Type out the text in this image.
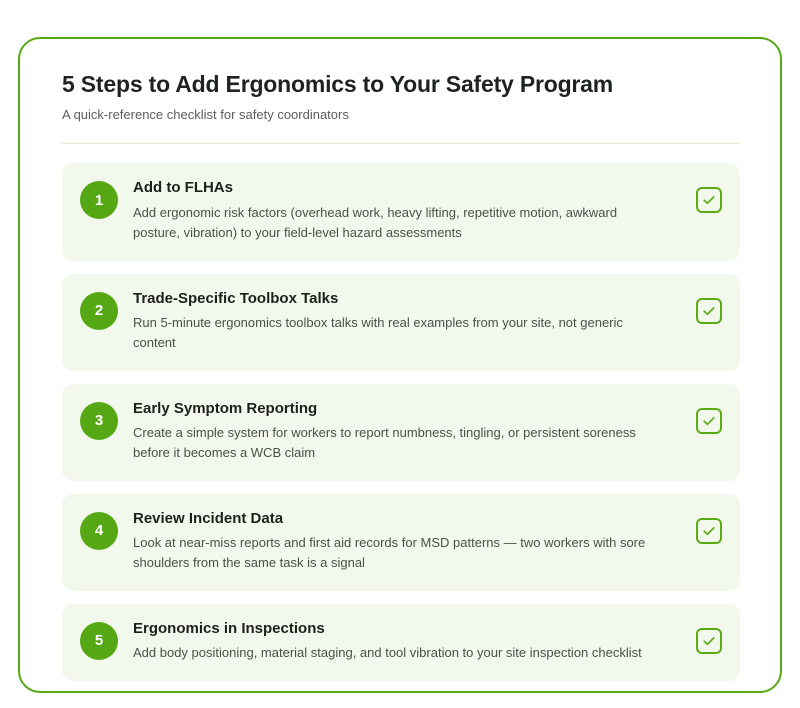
5 Steps to Add Ergonomics to Your Safety Program

A quick-reference checklist for safety coordinators

1
Add to FLHAs
Add ergonomic risk factors (overhead work, heavy lifting, repetitive motion, awkward posture, vibration) to your field-level hazard assessments
2
Trade-Specific Toolbox Talks
Run 5-minute ergonomics toolbox talks with real examples from your site, not generic content
3
Early Symptom Reporting
Create a simple system for workers to report numbness, tingling, or persistent soreness before it becomes a WCB claim
4
Review Incident Data
Look at near-miss reports and first aid records for MSD patterns — two workers with sore shoulders from the same task is a signal
5
Ergonomics in Inspections
Add body positioning, material staging, and tool vibration to your site inspection checklist
